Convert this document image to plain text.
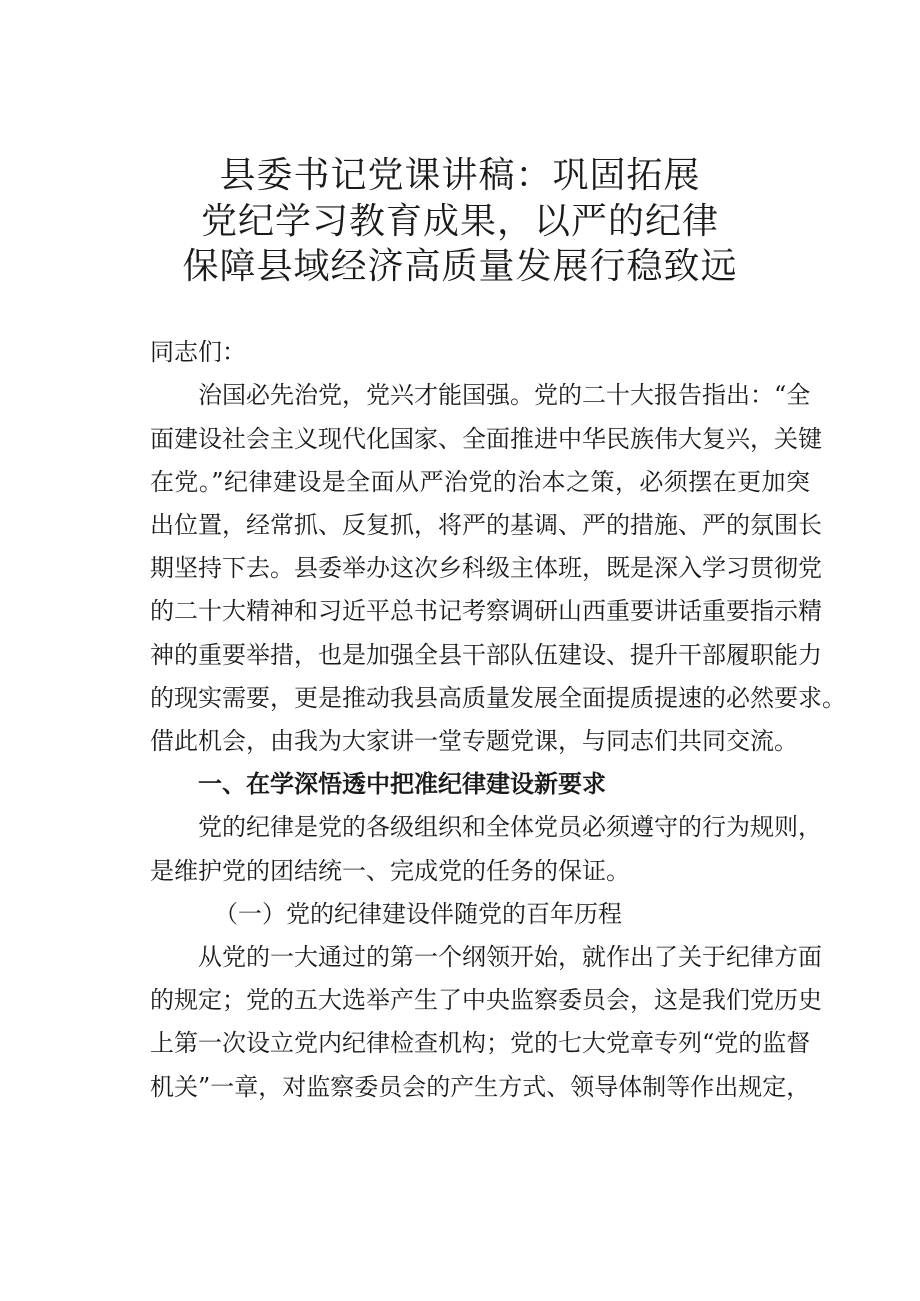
县委书记党课讲稿：巩固拓展
党纪学习教育成果，以严的纪律
保障县域经济高质量发展行稳致远
同志们：
治国必先治党，党兴才能国强。党的二十大报告指出：“全
面建设社会主义现代化国家、全面推进中华民族伟大复兴，关键
在党。”纪律建设是全面从严治党的治本之策，必须摆在更加突
出位置，经常抓、反复抓，将严的基调、严的措施、严的氛围长
期坚持下去。县委举办这次乡科级主体班，既是深入学习贯彻党
的二十大精神和习近平总书记考察调研山西重要讲话重要指示精
神的重要举措，也是加强全县干部队伍建设、提升干部履职能力
的现实需要，更是推动我县高质量发展全面提质提速的必然要求。
借此机会，由我为大家讲一堂专题党课，与同志们共同交流。
一、在学深悟透中把准纪律建设新要求
党的纪律是党的各级组织和全体党员必须遵守的行为规则，
是维护党的团结统一、完成党的任务的保证。
（一）党的纪律建设伴随党的百年历程
从党的一大通过的第一个纲领开始，就作出了关于纪律方面
的规定；党的五大选举产生了中央监察委员会，这是我们党历史
上第一次设立党内纪律检查机构；党的七大党章专列“党的监督
机关”一章，对监察委员会的产生方式、领导体制等作出规定，
